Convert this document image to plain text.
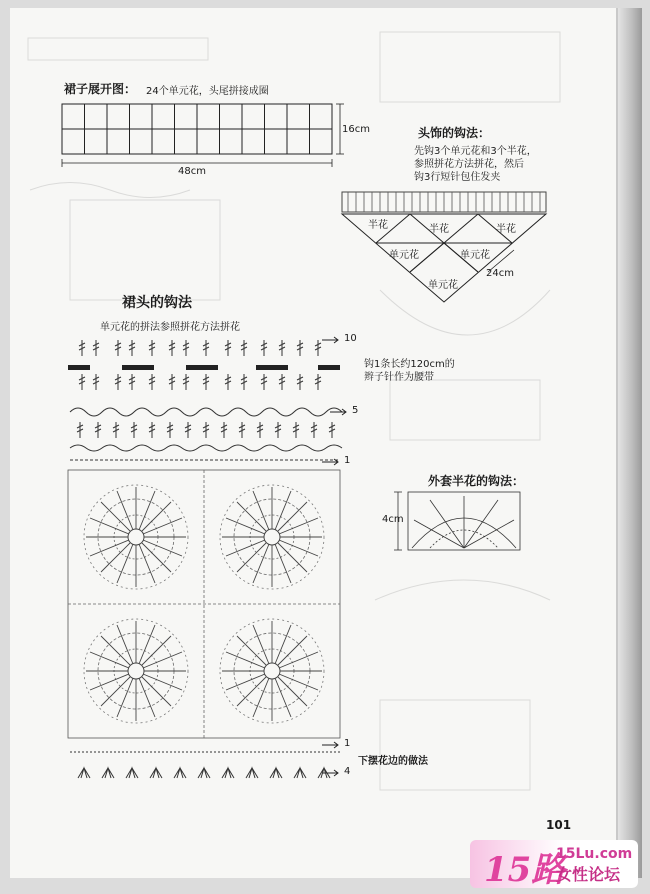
裙子展开图： 24个单元花，头尾拼接成圈
16cm
48cm
头饰的钩法：
先钩3个单元花和3个半花，
参照拼花方法拼花，然后
钩3行短针包住发夹
半花	半花	半花
单元花	单元花
单元花
24cm
裙头的钩法
单元花的拼法参照拼花方法拼花
钩1条长约120cm的
辫子针作为腰带
10
5
1
1
4
外套半花的钩法：
4cm
下摆花边的做法
101
15路
15Lu.com
女性论坛
